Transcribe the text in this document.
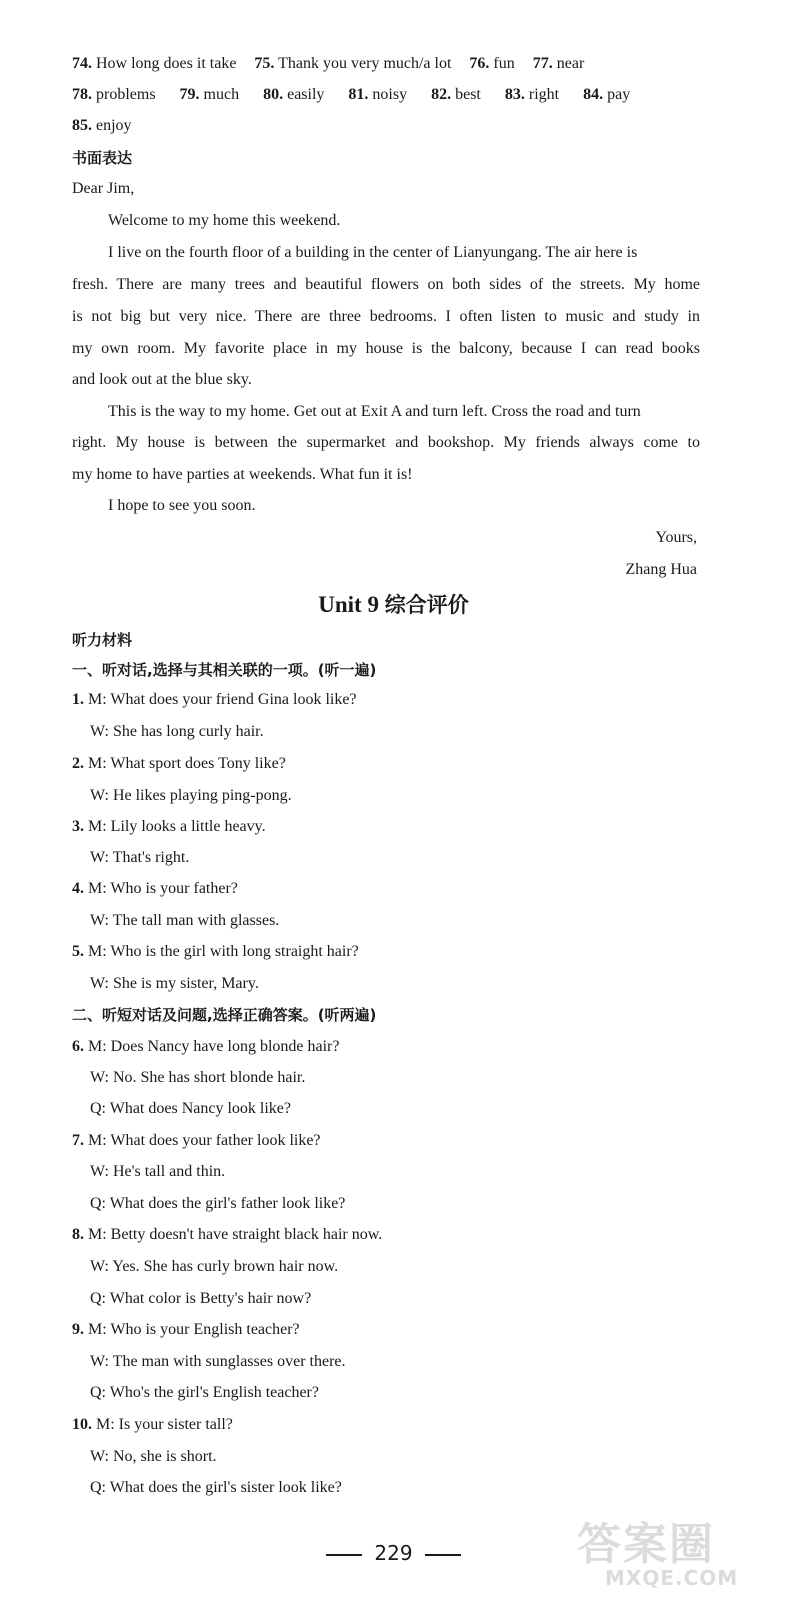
74. How long does it take 75. Thank you very much/a lot 76. fun 77. near
78. problems 79. much 80. easily 81. noisy 82. best 83. right 84. pay
85. enjoy
书面表达
Dear Jim,
Welcome to my home this weekend.
I live on the fourth floor of a building in the center of Lianyungang. The air here is
fresh. There are many trees and beautiful flowers on both sides of the streets. My home
is not big but very nice. There are three bedrooms. I often listen to music and study in
my own room. My favorite place in my house is the balcony, because I can read books
and look out at the blue sky.
This is the way to my home. Get out at Exit A and turn left. Cross the road and turn
right. My house is between the supermarket and bookshop. My friends always come to
my home to have parties at weekends. What fun it is!
I hope to see you soon.
Yours,
Zhang Hua
Unit 9 综合评价
听力材料
一、听对话,选择与其相关联的一项。(听一遍)
1. M: What does your friend Gina look like?
W: She has long curly hair.
2. M: What sport does Tony like?
W: He likes playing ping-pong.
3. M: Lily looks a little heavy.
W: That's right.
4. M: Who is your father?
W: The tall man with glasses.
5. M: Who is the girl with long straight hair?
W: She is my sister, Mary.
二、听短对话及问题,选择正确答案。(听两遍)
6. M: Does Nancy have long blonde hair?
W: No. She has short blonde hair.
Q: What does Nancy look like?
7. M: What does your father look like?
W: He's tall and thin.
Q: What does the girl's father look like?
8. M: Betty doesn't have straight black hair now.
W: Yes. She has curly brown hair now.
Q: What color is Betty's hair now?
9. M: Who is your English teacher?
W: The man with sunglasses over there.
Q: Who's the girl's English teacher?
10. M: Is your sister tall?
W: No, she is short.
Q: What does the girl's sister look like?
229	答案圈
MXQE.COM
